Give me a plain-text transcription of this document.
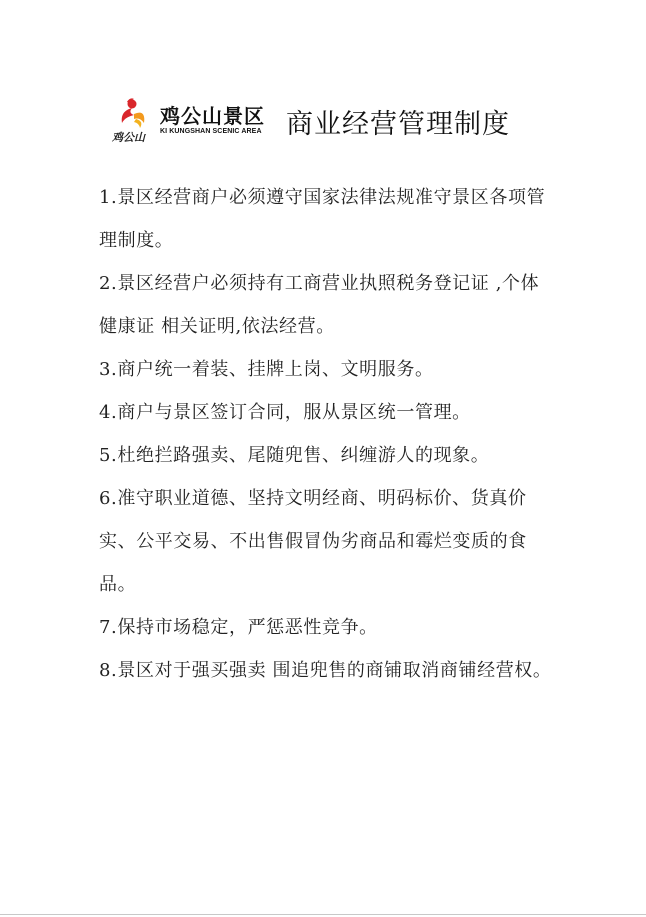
鸡公山
鸡公山景区
KI KUNGSHAN SCENIC AREA 商业经营管理制度
1.景区经营商户必须遵守国家法律法规准守景区各项管理制度。
2.景区经营户必须持有工商营业执照税务登记证 ,个体健康证 相关证明,依法经营。
3.商户统一着装、挂牌上岗、文明服务。
4.商户与景区签订合同，服从景区统一管理。
5.杜绝拦路强卖、尾随兜售、纠缠游人的现象。
6.准守职业道德、坚持文明经商、明码标价、货真价实、公平交易、不出售假冒伪劣商品和霉烂变质的食品。
7.保持市场稳定，严惩恶性竞争。
8.景区对于强买强卖 围追兜售的商铺取消商铺经营权。
